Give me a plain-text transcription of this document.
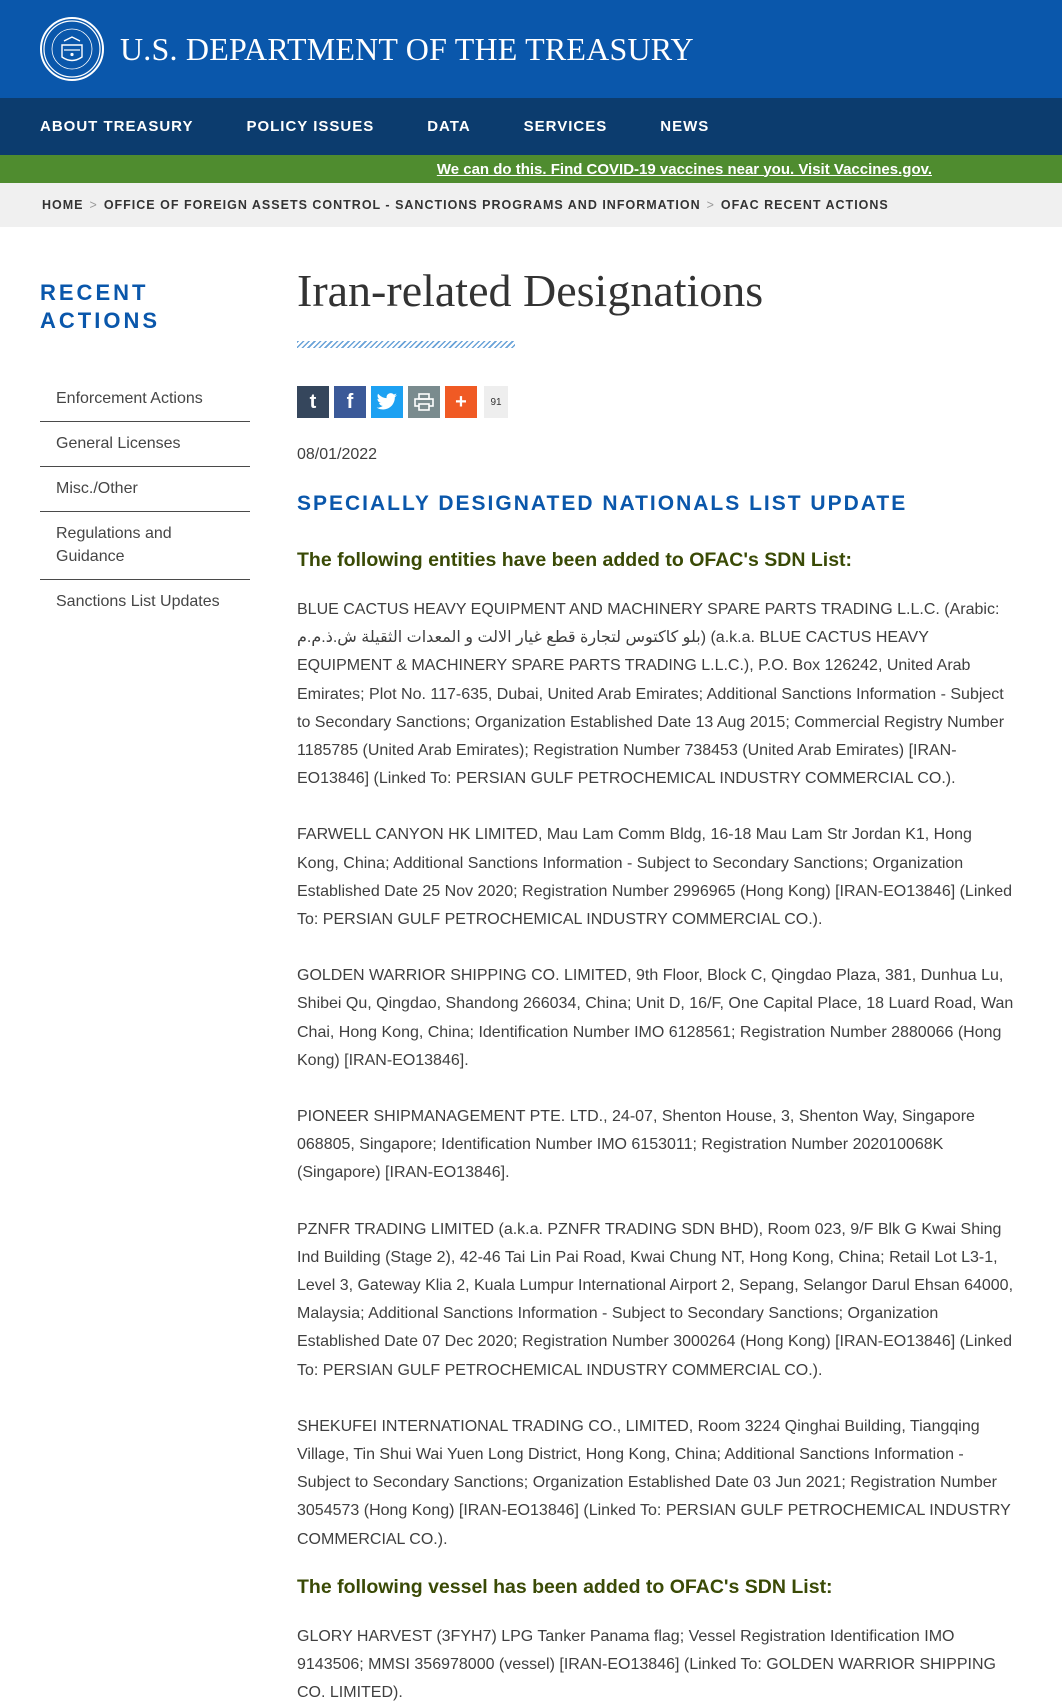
U.S. DEPARTMENT OF THE TREASURY
ABOUT TREASURY	POLICY ISSUES	DATA	SERVICES	NEWS
We can do this. Find COVID-19 vaccines near you. Visit Vaccines.gov.
HOME > OFFICE OF FOREIGN ASSETS CONTROL - SANCTIONS PROGRAMS AND INFORMATION > OFAC RECENT ACTIONS
RECENT
ACTIONS
Enforcement Actions
General Licenses
Misc./Other
Regulations and Guidance
Sanctions List Updates
Iran-related Designations
t f	+	91
08/01/2022
SPECIALLY DESIGNATED NATIONALS LIST UPDATE
The following entities have been added to OFAC's SDN List:

BLUE CACTUS HEAVY EQUIPMENT AND MACHINERY SPARE PARTS TRADING L.L.C. (Arabic: بلو كاكتوس لتجارة قطع غيار الالت و المعدات الثقيلة ش.ذ.م.م) (a.k.a. BLUE CACTUS HEAVY EQUIPMENT & MACHINERY SPARE PARTS TRADING L.L.C.), P.O. Box 126242, United Arab Emirates; Plot No. 117-635, Dubai, United Arab Emirates; Additional Sanctions Information - Subject to Secondary Sanctions; Organization Established Date 13 Aug 2015; Commercial Registry Number 1185785 (United Arab Emirates); Registration Number 738453 (United Arab Emirates) [IRAN-EO13846] (Linked To: PERSIAN GULF PETROCHEMICAL INDUSTRY COMMERCIAL CO.).

FARWELL CANYON HK LIMITED, Mau Lam Comm Bldg, 16-18 Mau Lam Str Jordan K1, Hong Kong, China; Additional Sanctions Information - Subject to Secondary Sanctions; Organization Established Date 25 Nov 2020; Registration Number 2996965 (Hong Kong) [IRAN-EO13846] (Linked To: PERSIAN GULF PETROCHEMICAL INDUSTRY COMMERCIAL CO.).

GOLDEN WARRIOR SHIPPING CO. LIMITED, 9th Floor, Block C, Qingdao Plaza, 381, Dunhua Lu, Shibei Qu, Qingdao, Shandong 266034, China; Unit D, 16/F, One Capital Place, 18 Luard Road, Wan Chai, Hong Kong, China; Identification Number IMO 6128561; Registration Number 2880066 (Hong Kong) [IRAN-EO13846].

PIONEER SHIPMANAGEMENT PTE. LTD., 24-07, Shenton House, 3, Shenton Way, Singapore 068805, Singapore; Identification Number IMO 6153011; Registration Number 202010068K (Singapore) [IRAN-EO13846].

PZNFR TRADING LIMITED (a.k.a. PZNFR TRADING SDN BHD), Room 023, 9/F Blk G Kwai Shing Ind Building (Stage 2), 42-46 Tai Lin Pai Road, Kwai Chung NT, Hong Kong, China; Retail Lot L3-1, Level 3, Gateway Klia 2, Kuala Lumpur International Airport 2, Sepang, Selangor Darul Ehsan 64000, Malaysia; Additional Sanctions Information - Subject to Secondary Sanctions; Organization Established Date 07 Dec 2020; Registration Number 3000264 (Hong Kong) [IRAN-EO13846] (Linked To: PERSIAN GULF PETROCHEMICAL INDUSTRY COMMERCIAL CO.).

SHEKUFEI INTERNATIONAL TRADING CO., LIMITED, Room 3224 Qinghai Building, Tiangqing Village, Tin Shui Wai Yuen Long District, Hong Kong, China; Additional Sanctions Information - Subject to Secondary Sanctions; Organization Established Date 03 Jun 2021; Registration Number 3054573 (Hong Kong) [IRAN-EO13846] (Linked To: PERSIAN GULF PETROCHEMICAL INDUSTRY COMMERCIAL CO.).

The following vessel has been added to OFAC's SDN List:

GLORY HARVEST (3FYH7) LPG Tanker Panama flag; Vessel Registration Identification IMO 9143506; MMSI 356978000 (vessel) [IRAN-EO13846] (Linked To: GOLDEN WARRIOR SHIPPING CO. LIMITED).
